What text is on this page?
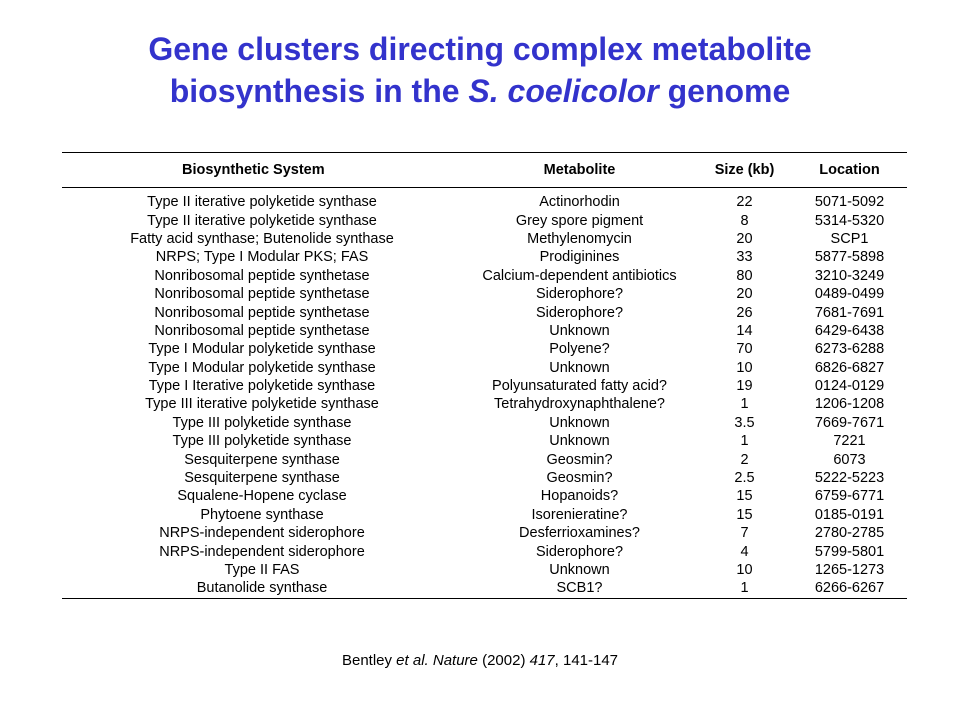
Gene clusters directing complex metabolite
biosynthesis in the S. coelicolor genome
Biosynthetic System	Metabolite	Size (kb)	Location
Type II iterative polyketide synthase	Actinorhodin	22	5071-5092
Type II iterative polyketide synthase	Grey spore pigment	8	5314-5320
Fatty acid synthase; Butenolide synthase	Methylenomycin	20	SCP1
NRPS; Type I Modular PKS; FAS	Prodiginines	33	5877-5898
Nonribosomal peptide synthetase	Calcium-dependent antibiotics	80	3210-3249
Nonribosomal peptide synthetase	Siderophore?	20	0489-0499
Nonribosomal peptide synthetase	Siderophore?	26	7681-7691
Nonribosomal peptide synthetase	Unknown	14	6429-6438
Type I Modular polyketide synthase	Polyene?	70	6273-6288
Type I Modular polyketide synthase	Unknown	10	6826-6827
Type I Iterative polyketide synthase	Polyunsaturated fatty acid?	19	0124-0129
Type III iterative polyketide synthase	Tetrahydroxynaphthalene?	1	1206-1208
Type III polyketide synthase	Unknown	3.5	7669-7671
Type III polyketide synthase	Unknown	1	7221
Sesquiterpene synthase	Geosmin?	2	6073
Sesquiterpene synthase	Geosmin?	2.5	5222-5223
Squalene-Hopene cyclase	Hopanoids?	15	6759-6771
Phytoene synthase	Isorenieratine?	15	0185-0191
NRPS-independent siderophore	Desferrioxamines?	7	2780-2785
NRPS-independent siderophore	Siderophore?	4	5799-5801
Type II FAS	Unknown	10	1265-1273
Butanolide synthase	SCB1?	1	6266-6267
Bentley et al. Nature (2002) 417, 141-147
